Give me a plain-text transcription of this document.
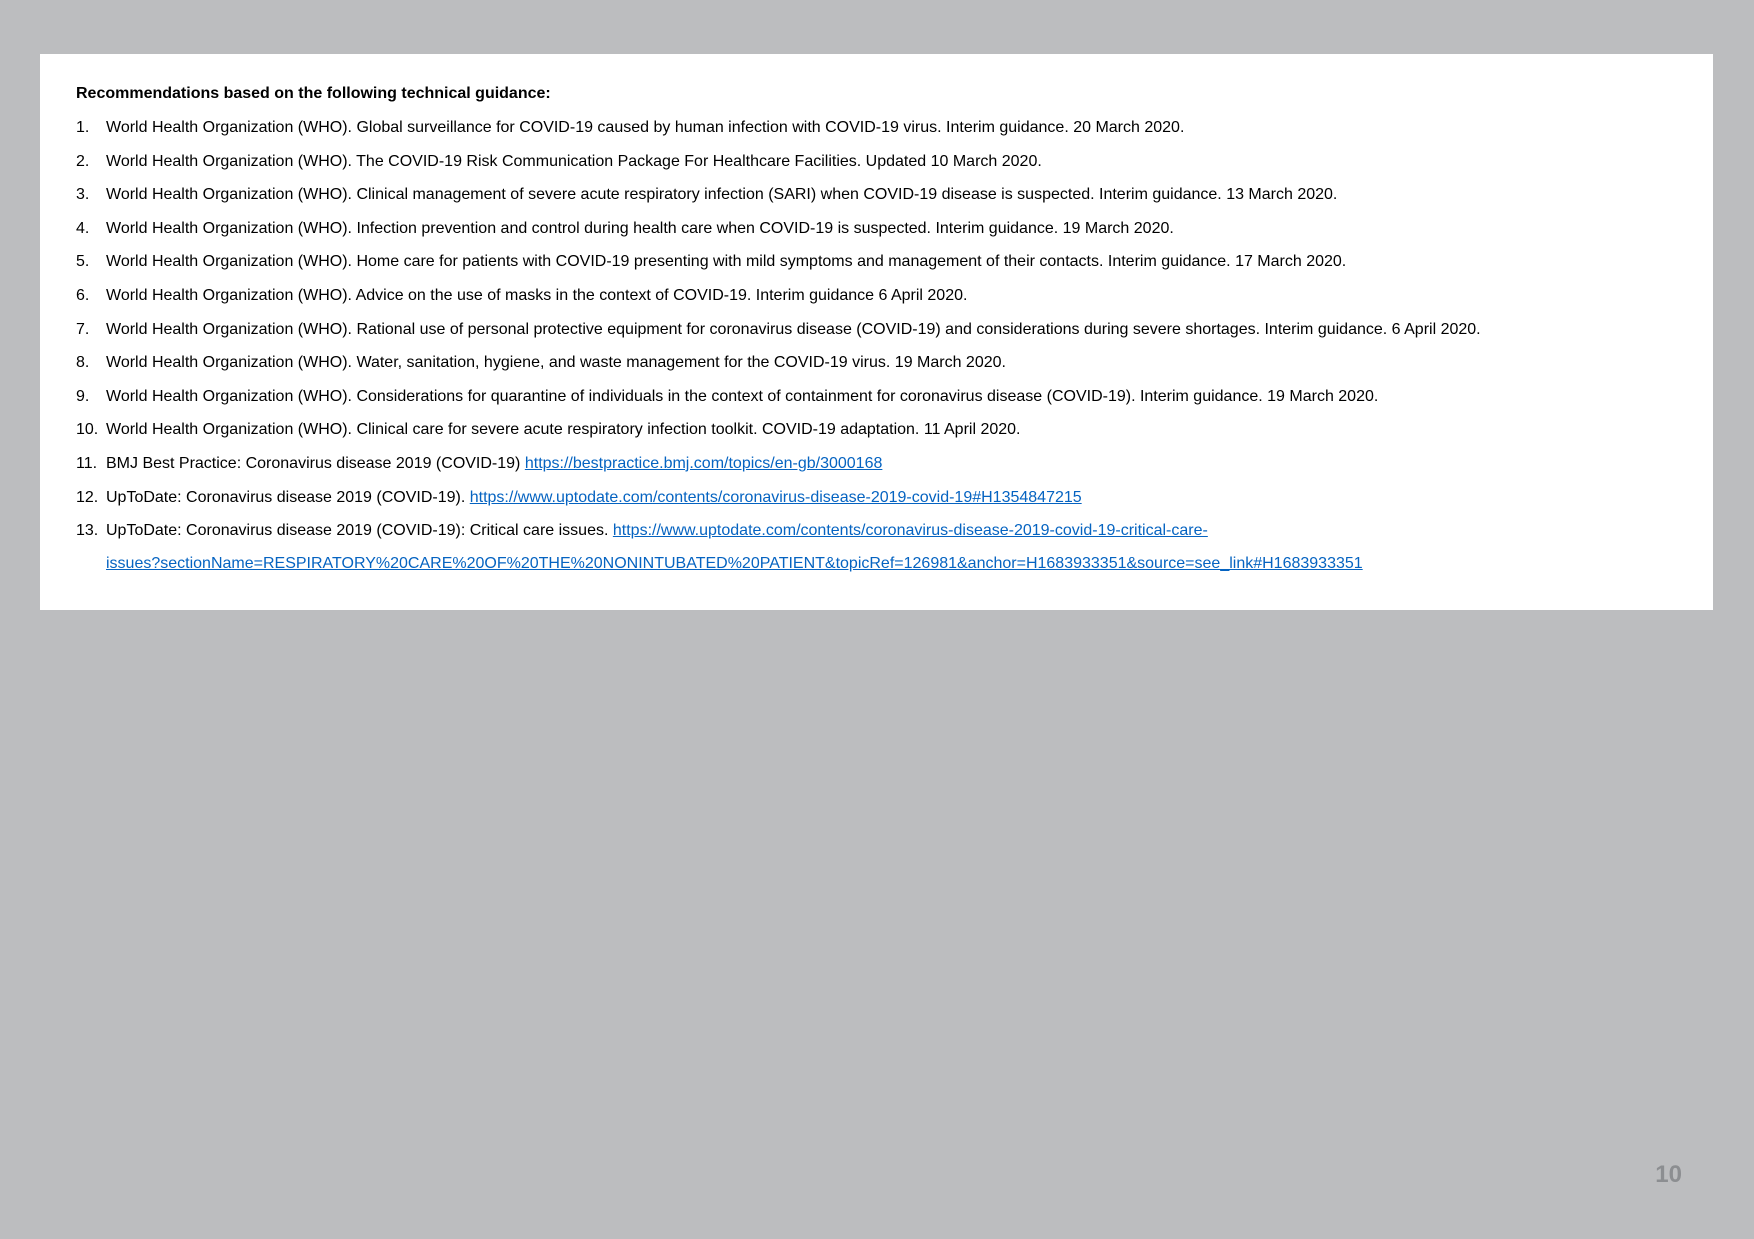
Recommendations based on the following technical guidance:
1. World Health Organization (WHO). Global surveillance for COVID-19 caused by human infection with COVID-19 virus. Interim guidance. 20 March 2020.
2. World Health Organization (WHO). The COVID-19 Risk Communication Package For Healthcare Facilities. Updated 10 March 2020.
3. World Health Organization (WHO). Clinical management of severe acute respiratory infection (SARI) when COVID-19 disease is suspected. Interim guidance. 13 March 2020.
4. World Health Organization (WHO). Infection prevention and control during health care when COVID-19 is suspected. Interim guidance. 19 March 2020.
5. World Health Organization (WHO). Home care for patients with COVID-19 presenting with mild symptoms and management of their contacts. Interim guidance. 17 March 2020.
6. World Health Organization (WHO). Advice on the use of masks in the context of COVID-19. Interim guidance 6 April 2020.
7. World Health Organization (WHO). Rational use of personal protective equipment for coronavirus disease (COVID-19) and considerations during severe shortages. Interim guidance. 6 April 2020.
8. World Health Organization (WHO). Water, sanitation, hygiene, and waste management for the COVID-19 virus. 19 March 2020.
9. World Health Organization (WHO). Considerations for quarantine of individuals in the context of containment for coronavirus disease (COVID-19). Interim guidance. 19 March 2020.
10. World Health Organization (WHO). Clinical care for severe acute respiratory infection toolkit. COVID-19 adaptation. 11 April 2020.
11. BMJ Best Practice: Coronavirus disease 2019 (COVID-19) https://bestpractice.bmj.com/topics/en-gb/3000168
12. UpToDate: Coronavirus disease 2019 (COVID-19). https://www.uptodate.com/contents/coronavirus-disease-2019-covid-19#H1354847215
13. UpToDate: Coronavirus disease 2019 (COVID-19): Critical care issues. https://www.uptodate.com/contents/coronavirus-disease-2019-covid-19-critical-care-
issues?sectionName=RESPIRATORY%20CARE%20OF%20THE%20NONINTUBATED%20PATIENT&topicRef=126981&anchor=H1683933351&source=see_link#H1683933351
10
